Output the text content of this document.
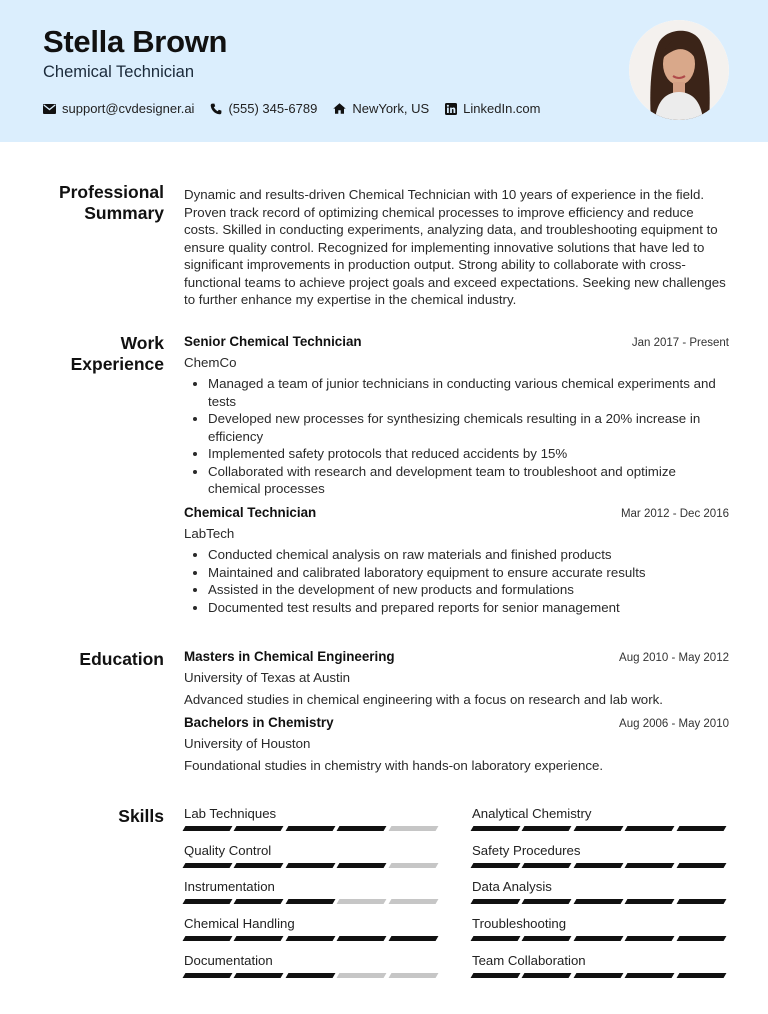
Stella Brown
Chemical Technician
support@cvdesigner.ai	(555) 345-6789	NewYork, US	LinkedIn.com
Professional
Summary
Dynamic and results-driven Chemical Technician with 10 years of experience in the field. Proven track record of optimizing chemical processes to improve efficiency and reduce costs. Skilled in conducting experiments, analyzing data, and troubleshooting equipment to ensure quality control. Recognized for implementing innovative solutions that have led to significant improvements in production output. Strong ability to collaborate with cross-functional teams to achieve project goals and exceed expectations. Seeking new challenges to further enhance my expertise in the chemical industry.
Work
Experience
Senior Chemical Technician	Jan 2017 - Present
ChemCo
• Managed a team of junior technicians in conducting various chemical experiments and tests
• Developed new processes for synthesizing chemicals resulting in a 20% increase in efficiency
• Implemented safety protocols that reduced accidents by 15%
• Collaborated with research and development team to troubleshoot and optimize chemical processes
Chemical Technician	Mar 2012 - Dec 2016
LabTech
• Conducted chemical analysis on raw materials and finished products
• Maintained and calibrated laboratory equipment to ensure accurate results
• Assisted in the development of new products and formulations
• Documented test results and prepared reports for senior management
Education Masters in Chemical Engineering	Aug 2010 - May 2012
University of Texas at Austin
Advanced studies in chemical engineering with a focus on research and lab work.
Bachelors in Chemistry	Aug 2006 - May 2010
University of Houston
Foundational studies in chemistry with hands-on laboratory experience.
Skills Lab Techniques	Analytical Chemistry
Quality Control	Safety Procedures
Instrumentation	Data Analysis
Chemical Handling	Troubleshooting
Documentation	Team Collaboration
